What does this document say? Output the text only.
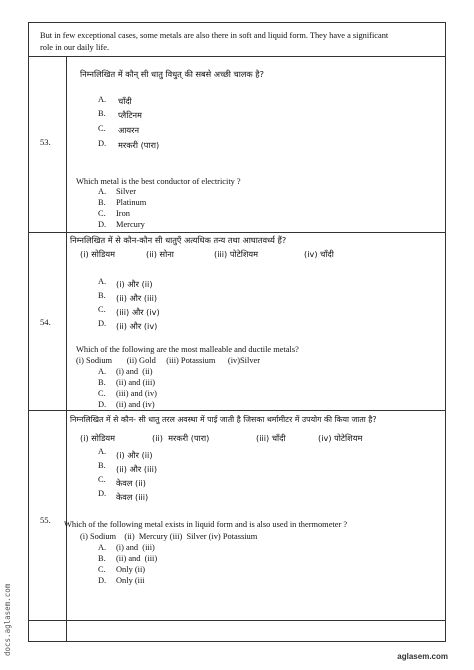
But in few exceptional cases, some metals are also there in soft and liquid form. They have a significant
role in our daily life.
53.
निम्नलिखित में कौन् सी धातु विधुत् की सबसे अच्छी चालक है?
A. चाँदी
B. प्लैटिनम
C. आयरन
D. मरकरी (पारा)
Which metal is the best conductor of electricity ?
A. Silver
B. Platinum
C. Iron
D. Mercury
54.
निम्नलिखित में से कौन-कौन सी धातुएँ अत्यधिक तन्य तथा आघातवर्ध्य हैं?
(i) सोडियम	(ii) सोना	(iii) पोटेशियम	(iv) चाँदी
A. (i) और (ii)
B. (ii) और (iii)
C. (iii) और (iv)
D. (ii) और (iv)
Which of the following are the most malleable and ductile metals?
(i) Sodium       (ii) Gold     (iii) Potassium      (iv)Silver
A. (i) and  (ii)
B. (ii) and (iii)
C. (iii) and (iv)
D. (ii) and (iv)
55.
निम्नलिखित में से कौन- सी धातु तरल अवस्था में पाई जाती है जिसका थर्मामीटर में उपयोग की किया जाता है?
(i) सोडियम	(ii)  मरकरी (पारा)	(iii) चाँदी	(iv) पोटेशियम
A. (i) और (ii)
B. (ii) और (iii)
C. केवल (ii)
D. केवल (iii)
Which of the following metal exists in liquid form and is also used in thermometer ?
(i) Sodium    (ii)  Mercury (iii)  Silver (iv) Potassium
A. (i) and  (iii)
B. (ii) and  (iii)
C. Only (ii)
D. Only (iii
docs.aglasem.com
aglasem.com
